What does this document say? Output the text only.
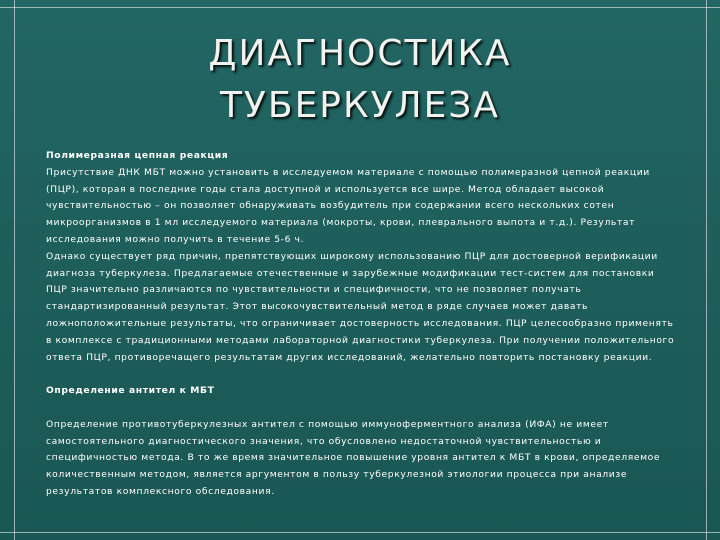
ДИАГНОСТИКА
ТУБЕРКУЛЕЗА
Полимеразная цепная реакция
Присутствие ДНК МБТ можно установить в исследуемом материале с помощью полимеразной цепной реакции (ПЦР), которая в последние годы стала доступной и используется все шире. Метод обладает высокой чувствительностью – он позволяет обнаруживать возбудитель при содержании всего нескольких сотен микроорганизмов в 1 мл исследуемого материала (мокроты, крови, плеврального выпота и т.д.). Результат исследования можно получить в течение 5-6 ч.
Однако существует ряд причин, препятствующих широкому использованию ПЦР для достоверной верификации диагноза туберкулеза. Предлагаемые отечественные и зарубежные модификации тест-систем для постановки ПЦР значительно различаются по чувствительности и специфичности, что не позволяет получать стандартизированный результат. Этот высокочувствительный метод в ряде случаев может давать ложноположительные результаты, что ограничивает достоверность исследования. ПЦР целесообразно применять в комплексе с традиционными методами лабораторной диагностики туберкулеза. При получении положительного ответа ПЦР, противоречащего результатам других исследований, желательно повторить постановку реакции.
Определение антител к МБТ
Определение противотуберкулезных антител с помощью иммуноферментного анализа (ИФА) не имеет самостоятельного диагностического значения, что обусловлено недостаточной чувствительностью и специфичностью метода. В то же время значительное повышение уровня антител к МБТ в крови, определяемое количественным методом, является аргументом в пользу туберкулезной этиологии процесса при анализе результатов комплексного обследования.
